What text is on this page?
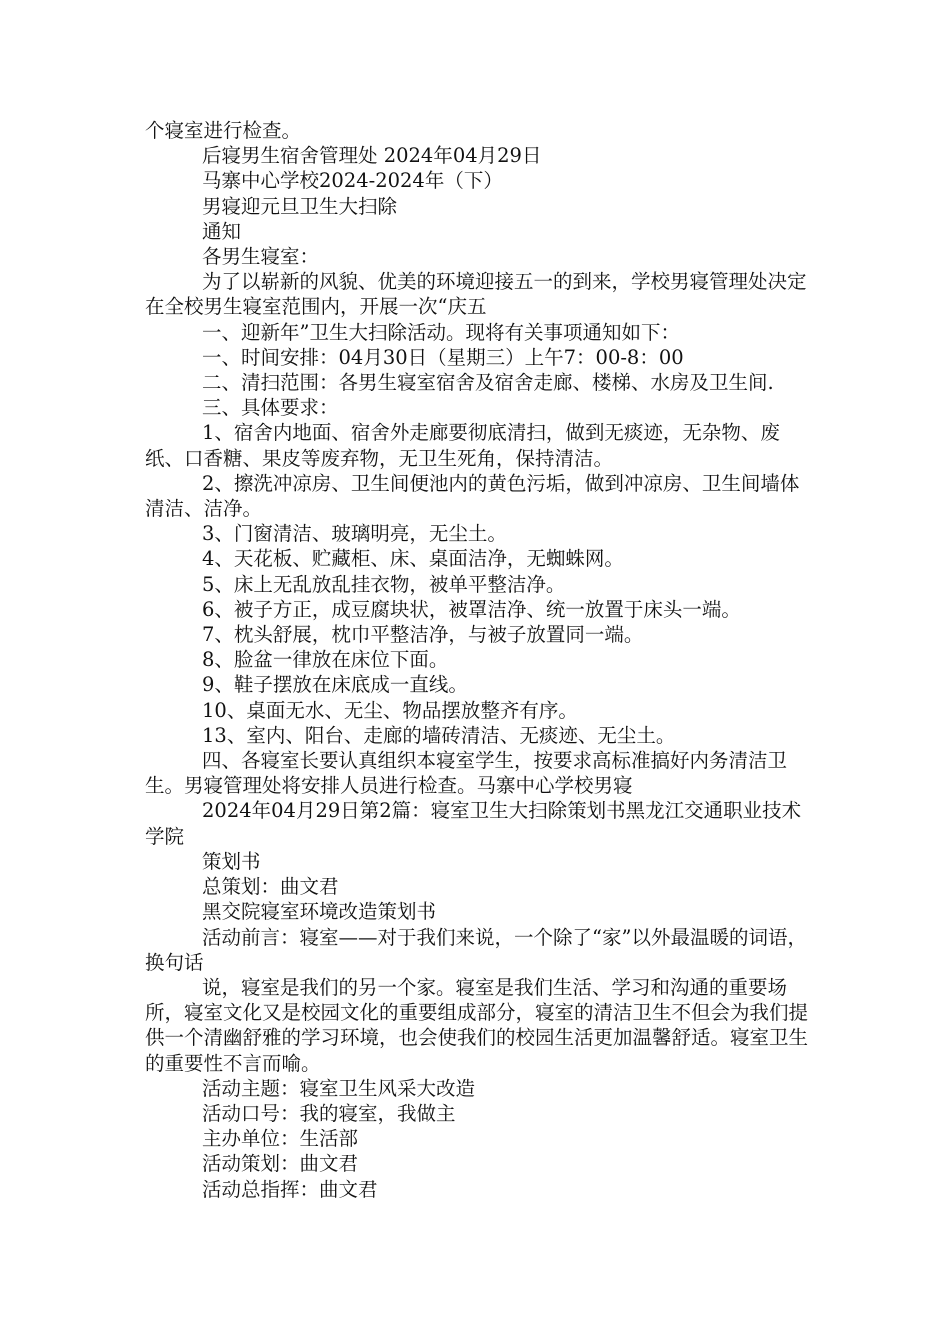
个寝室进行检查。

后寝男生宿舍管理处 2024年04月29日

马寨中心学校2024-2024年（下）

男寝迎元旦卫生大扫除

通知

各男生寝室：

为了以崭新的风貌、优美的环境迎接五一的到来，学校男寝管理处决定在全校男生寝室范围内，开展一次“庆五

一、迎新年”卫生大扫除活动。现将有关事项通知如下：

一、时间安排：04月30日（星期三）上午7：00-8：00

二、清扫范围：各男生寝室宿舍及宿舍走廊、楼梯、水房及卫生间.

三、具体要求：

1、宿舍内地面、宿舍外走廊要彻底清扫，做到无痰迹，无杂物、废纸、口香糖、果皮等废弃物，无卫生死角，保持清洁。

2、擦洗冲凉房、卫生间便池内的黄色污垢，做到冲凉房、卫生间墙体清洁、洁净。

3、门窗清洁、玻璃明亮，无尘土。

4、天花板、贮藏柜、床、桌面洁净，无蜘蛛网。

5、床上无乱放乱挂衣物，被单平整洁净。

6、被子方正，成豆腐块状，被罩洁净、统一放置于床头一端。

7、枕头舒展，枕巾平整洁净，与被子放置同一端。

8、脸盆一律放在床位下面。

9、鞋子摆放在床底成一直线。

10、桌面无水、无尘、物品摆放整齐有序。

13、室内、阳台、走廊的墙砖清洁、无痰迹、无尘土。

四、各寝室长要认真组织本寝室学生，按要求高标准搞好内务清洁卫生。男寝管理处将安排人员进行检查。马寨中心学校男寝

2024年04月29日第2篇：寝室卫生大扫除策划书黑龙江交通职业技术学院

策划书

总策划：曲文君

黑交院寝室环境改造策划书

活动前言：寝室——对于我们来说，一个除了“家”以外最温暖的词语，换句话

说，寝室是我们的另一个家。寝室是我们生活、学习和沟通的重要场所，寝室文化又是校园文化的重要组成部分，寝室的清洁卫生不但会为我们提供一个清幽舒雅的学习环境，也会使我们的校园生活更加温馨舒适。寝室卫生的重要性不言而喻。

活动主题：寝室卫生风采大改造

活动口号：我的寝室，我做主

主办单位：生活部

活动策划：曲文君

活动总指挥：曲文君
